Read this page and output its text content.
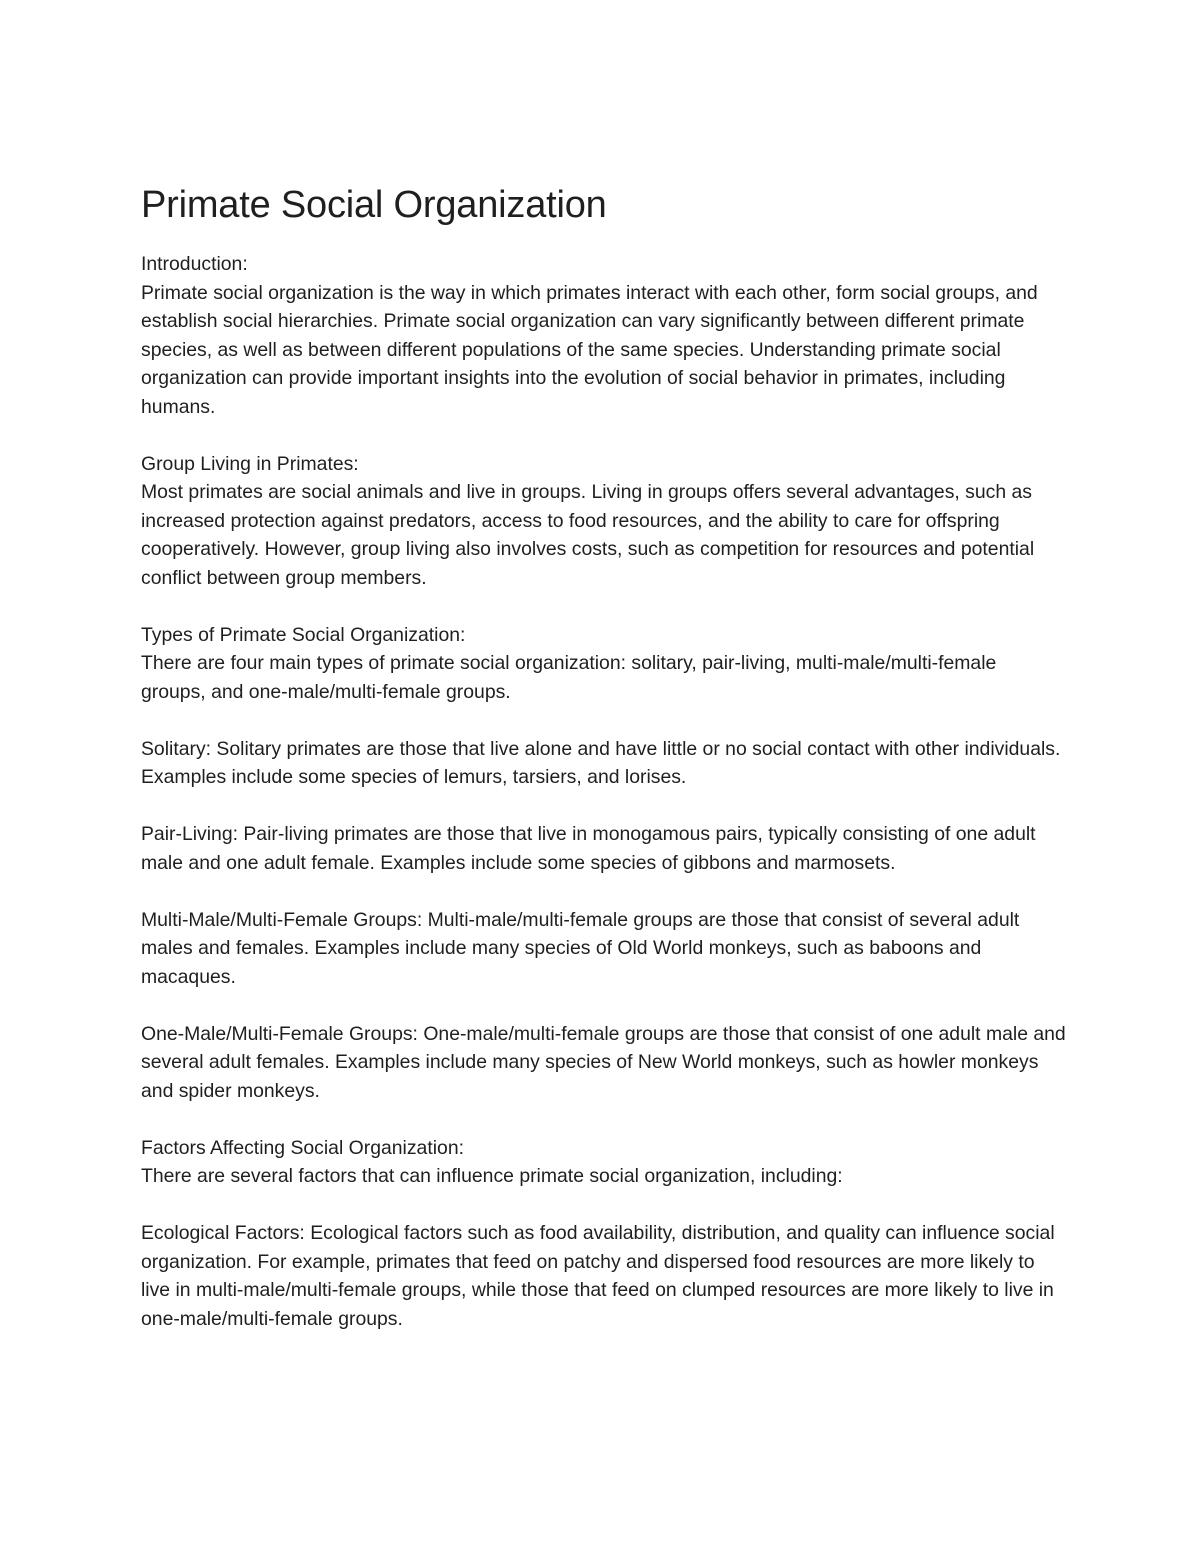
Primate Social Organization
Introduction:

Primate social organization is the way in which primates interact with each other, form social groups, and establish social hierarchies. Primate social organization can vary significantly between different primate species, as well as between different populations of the same species. Understanding primate social organization can provide important insights into the evolution of social behavior in primates, including humans.

Group Living in Primates:

Most primates are social animals and live in groups. Living in groups offers several advantages, such as increased protection against predators, access to food resources, and the ability to care for offspring cooperatively. However, group living also involves costs, such as competition for resources and potential conflict between group members.

Types of Primate Social Organization:

There are four main types of primate social organization: solitary, pair-living, multi-male/multi-female groups, and one-male/multi-female groups.

Solitary: Solitary primates are those that live alone and have little or no social contact with other individuals. Examples include some species of lemurs, tarsiers, and lorises.

Pair-Living: Pair-living primates are those that live in monogamous pairs, typically consisting of one adult male and one adult female. Examples include some species of gibbons and marmosets.

Multi-Male/Multi-Female Groups: Multi-male/multi-female groups are those that consist of several adult males and females. Examples include many species of Old World monkeys, such as baboons and macaques.

One-Male/Multi-Female Groups: One-male/multi-female groups are those that consist of one adult male and several adult females. Examples include many species of New World monkeys, such as howler monkeys and spider monkeys.

Factors Affecting Social Organization:

There are several factors that can influence primate social organization, including:

Ecological Factors: Ecological factors such as food availability, distribution, and quality can influence social organization. For example, primates that feed on patchy and dispersed food resources are more likely to live in multi-male/multi-female groups, while those that feed on clumped resources are more likely to live in one-male/multi-female groups.
